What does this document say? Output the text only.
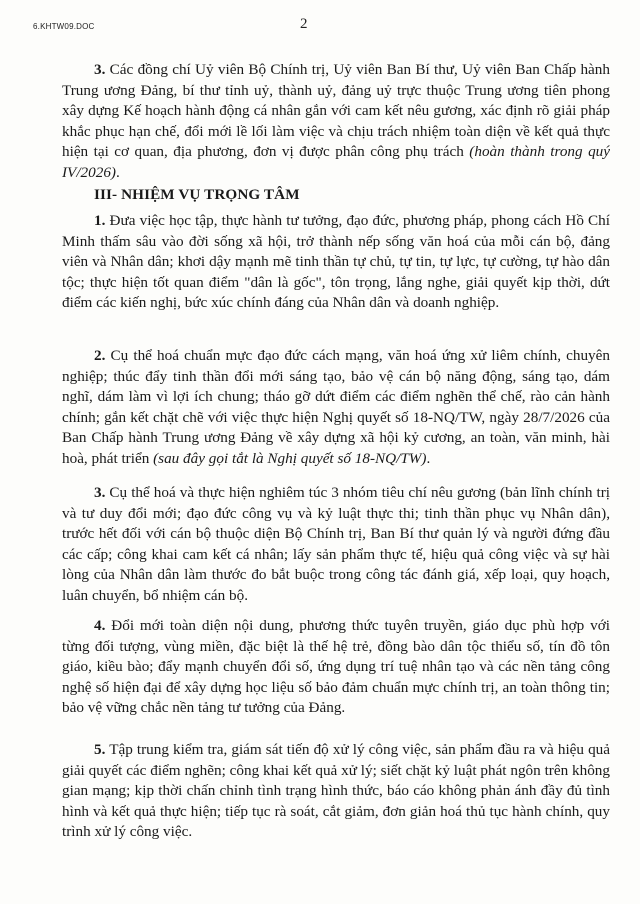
6.KHTW09.DOC	2

3. Các đồng chí Uỷ viên Bộ Chính trị, Uỷ viên Ban Bí thư, Uỷ viên Ban Chấp hành Trung ương Đảng, bí thư tỉnh uỷ, thành uỷ, đảng uỷ trực thuộc Trung ương tiên phong xây dựng Kế hoạch hành động cá nhân gắn với cam kết nêu gương, xác định rõ giải pháp khắc phục hạn chế, đổi mới lề lối làm việc và chịu trách nhiệm toàn diện về kết quả thực hiện tại cơ quan, địa phương, đơn vị được phân công phụ trách (hoàn thành trong quý IV/2026).

III- NHIỆM VỤ TRỌNG TÂM

1. Đưa việc học tập, thực hành tư tưởng, đạo đức, phương pháp, phong cách Hồ Chí Minh thấm sâu vào đời sống xã hội, trở thành nếp sống văn hoá của mỗi cán bộ, đảng viên và Nhân dân; khơi dậy mạnh mẽ tinh thần tự chủ, tự tin, tự lực, tự cường, tự hào dân tộc; thực hiện tốt quan điểm "dân là gốc", tôn trọng, lắng nghe, giải quyết kịp thời, dứt điểm các kiến nghị, bức xúc chính đáng của Nhân dân và doanh nghiệp.

2. Cụ thể hoá chuẩn mực đạo đức cách mạng, văn hoá ứng xử liêm chính, chuyên nghiệp; thúc đẩy tinh thần đổi mới sáng tạo, bảo vệ cán bộ năng động, sáng tạo, dám nghĩ, dám làm vì lợi ích chung; tháo gỡ dứt điểm các điểm nghẽn thể chế, rào cản hành chính; gắn kết chặt chẽ với việc thực hiện Nghị quyết số 18-NQ/TW, ngày 28/7/2026 của Ban Chấp hành Trung ương Đảng về xây dựng xã hội kỷ cương, an toàn, văn minh, hài hoà, phát triển (sau đây gọi tắt là Nghị quyết số 18-NQ/TW).

3. Cụ thể hoá và thực hiện nghiêm túc 3 nhóm tiêu chí nêu gương (bản lĩnh chính trị và tư duy đổi mới; đạo đức công vụ và kỷ luật thực thi; tinh thần phục vụ Nhân dân), trước hết đối với cán bộ thuộc diện Bộ Chính trị, Ban Bí thư quản lý và người đứng đầu các cấp; công khai cam kết cá nhân; lấy sản phẩm thực tế, hiệu quả công việc và sự hài lòng của Nhân dân làm thước đo bắt buộc trong công tác đánh giá, xếp loại, quy hoạch, luân chuyển, bổ nhiệm cán bộ.

4. Đổi mới toàn diện nội dung, phương thức tuyên truyền, giáo dục phù hợp với từng đối tượng, vùng miền, đặc biệt là thế hệ trẻ, đồng bào dân tộc thiểu số, tín đồ tôn giáo, kiều bào; đẩy mạnh chuyển đổi số, ứng dụng trí tuệ nhân tạo và các nền tảng công nghệ số hiện đại để xây dựng học liệu số bảo đảm chuẩn mực chính trị, an toàn thông tin; bảo vệ vững chắc nền tảng tư tưởng của Đảng.

5. Tập trung kiểm tra, giám sát tiến độ xử lý công việc, sản phẩm đầu ra và hiệu quả giải quyết các điểm nghẽn; công khai kết quả xử lý; siết chặt kỷ luật phát ngôn trên không gian mạng; kịp thời chấn chỉnh tình trạng hình thức, báo cáo không phản ánh đầy đủ tình hình và kết quả thực hiện; tiếp tục rà soát, cắt giảm, đơn giản hoá thủ tục hành chính, quy trình xử lý công việc.
